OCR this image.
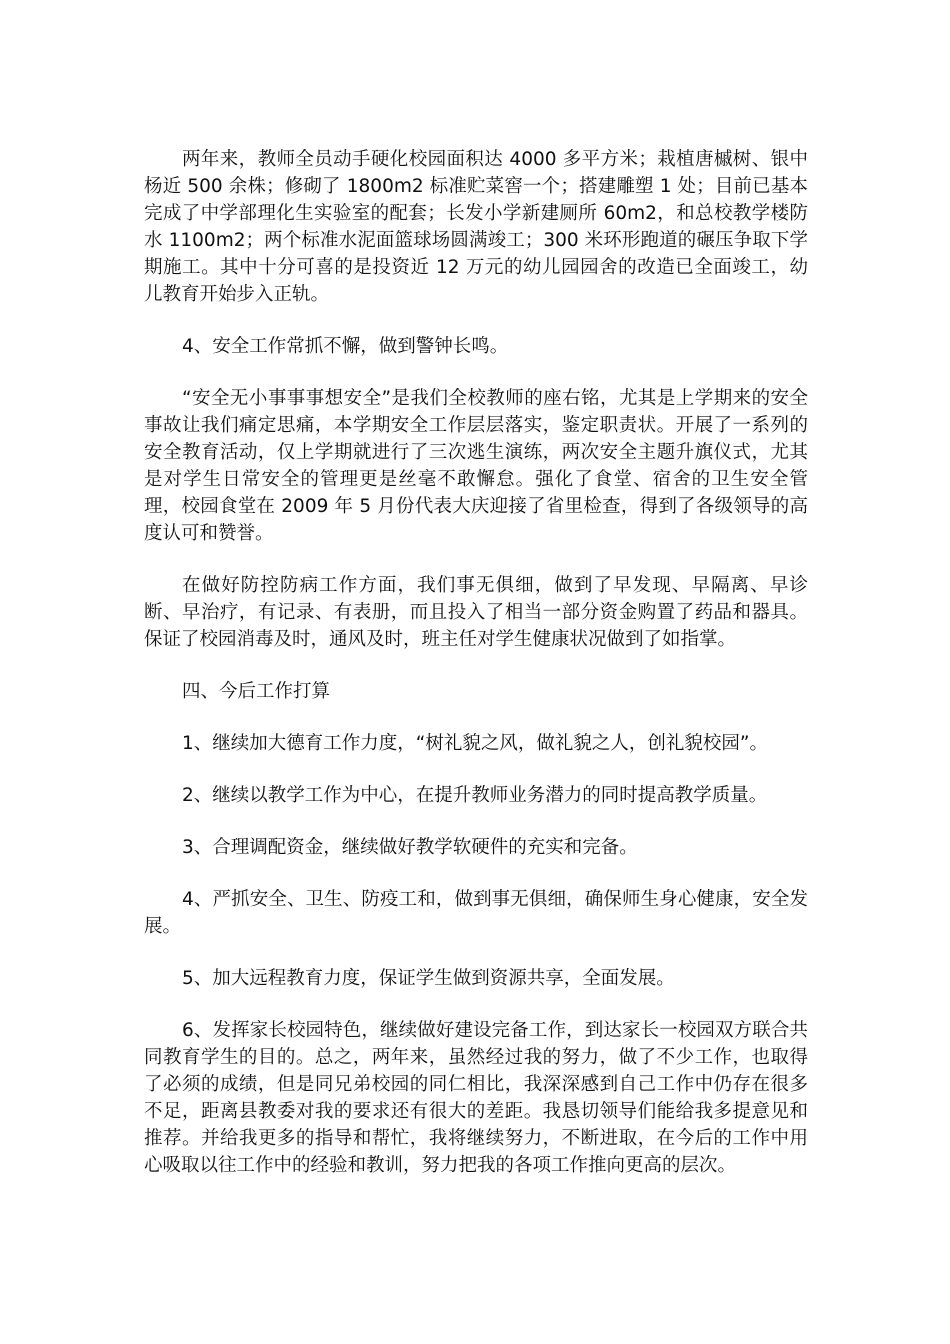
两年来，教师全员动手硬化校园面积达 4000 多平方米；栽植唐槭树、银中杨近 500 余株；修砌了 1800m2 标准贮菜窖一个；搭建雕塑 1 处；目前已基本完成了中学部理化生实验室的配套；长发小学新建厕所 60m2，和总校教学楼防水 1100m2；两个标准水泥面篮球场圆满竣工；300 米环形跑道的碾压争取下学期施工。其中十分可喜的是投资近 12 万元的幼儿园园舍的改造已全面竣工，幼儿教育开始步入正轨。

4、安全工作常抓不懈，做到警钟长鸣。

“安全无小事事事想安全”是我们全校教师的座右铭，尤其是上学期来的安全事故让我们痛定思痛，本学期安全工作层层落实，鉴定职责状。开展了一系列的安全教育活动，仅上学期就进行了三次逃生演练，两次安全主题升旗仪式，尤其是对学生日常安全的管理更是丝毫不敢懈怠。强化了食堂、宿舍的卫生安全管理，校园食堂在 2009 年 5 月份代表大庆迎接了省里检查，得到了各级领导的高度认可和赞誉。

在做好防控防病工作方面，我们事无俱细，做到了早发现、早隔离、早诊断、早治疗，有记录、有表册，而且投入了相当一部分资金购置了药品和器具。保证了校园消毒及时，通风及时，班主任对学生健康状况做到了如指掌。

四、今后工作打算

1、继续加大德育工作力度，“树礼貌之风，做礼貌之人，创礼貌校园”。

2、继续以教学工作为中心，在提升教师业务潜力的同时提高教学质量。

3、合理调配资金，继续做好教学软硬件的充实和完备。

4、严抓安全、卫生、防疫工和，做到事无俱细，确保师生身心健康，安全发展。

5、加大远程教育力度，保证学生做到资源共享，全面发展。

6、发挥家长校园特色，继续做好建设完备工作，到达家长一校园双方联合共同教育学生的目的。总之，两年来，虽然经过我的努力，做了不少工作，也取得了必须的成绩，但是同兄弟校园的同仁相比，我深深感到自己工作中仍存在很多不足，距离县教委对我的要求还有很大的差距。我恳切领导们能给我多提意见和推荐。并给我更多的指导和帮忙，我将继续努力，不断进取，在今后的工作中用心吸取以往工作中的经验和教训，努力把我的各项工作推向更高的层次。
